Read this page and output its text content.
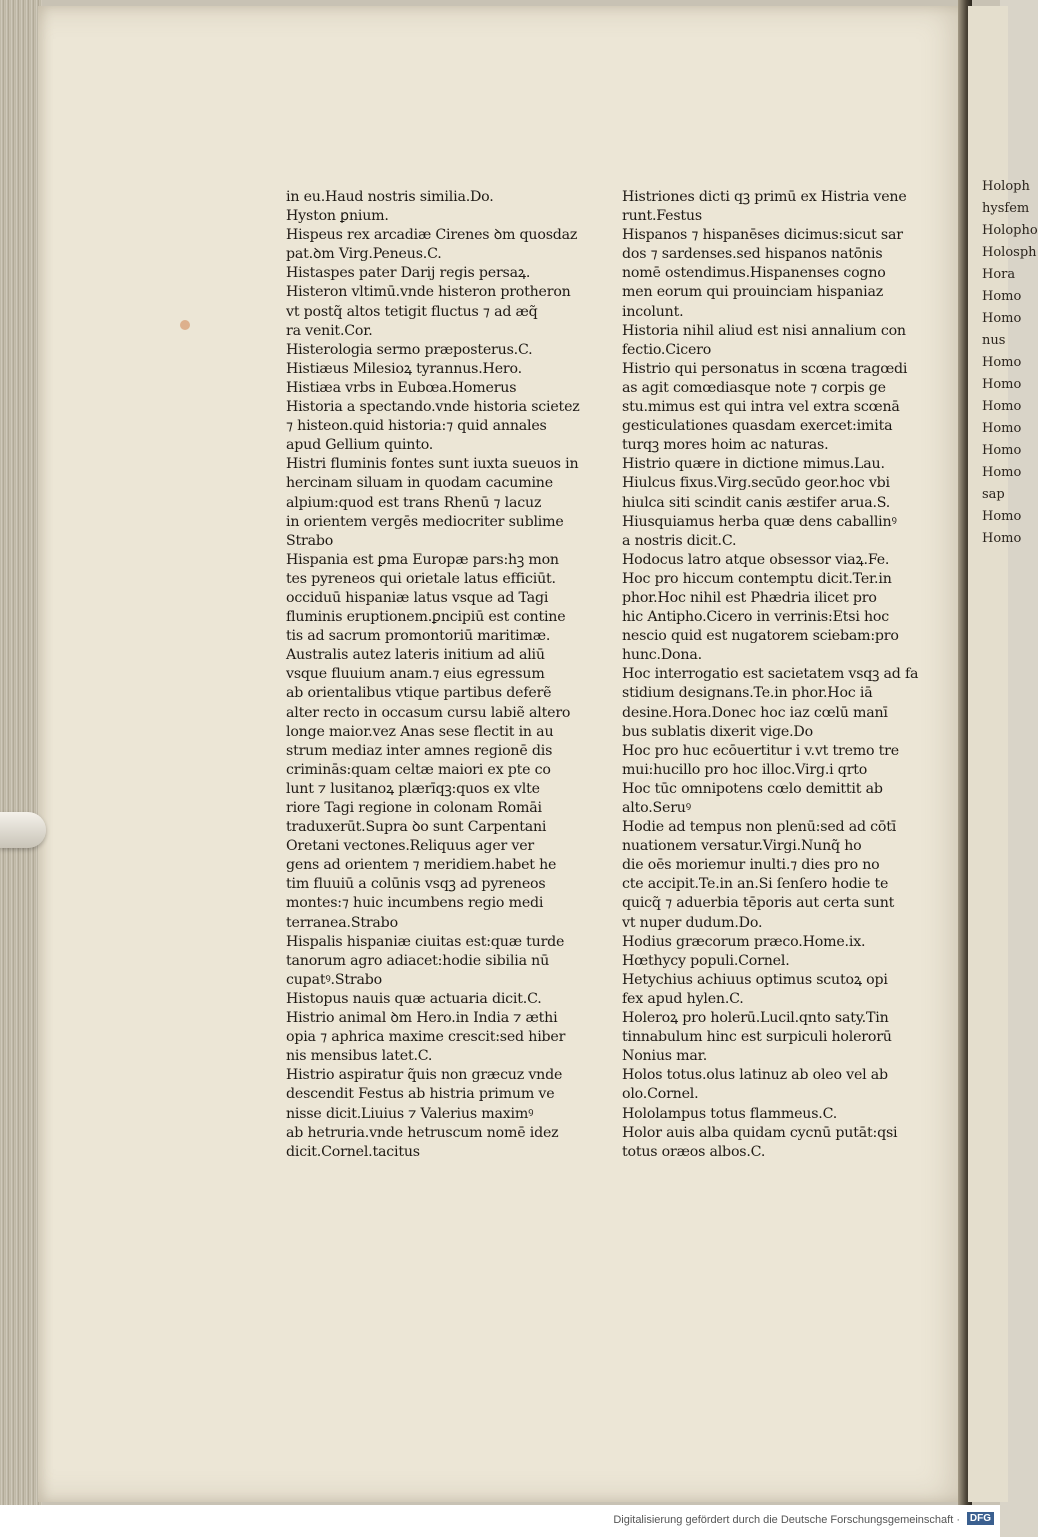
in eu.Haud nostris similia.Do.
Hyston ꝑnium.
Hispeus rex arcadiæ Cirenes ꝺm quosdaz
pat.ꝺm Virg.Peneus.C.
Histaspes pater Darij regis persaꝝ.
Histeron vltimū.vnde histeron protheron
vt postq̃ altos tetigit fluctus ⁊ ad æq̃
ra venit.Cor.
Histerologia sermo præposterus.C.
Histiæus Milesioꝝ tyrannus.Hero.
Histiæa vrbs in Eubœa.Homerus
Historia a spectando.vnde historia scietez
⁊ histeon.quid historia:⁊ quid annales
apud Gellium quinto.
Histri fluminis fontes sunt iuxta sueuos in
hercinam siluam in quodam cacumine
alpium:quod est trans Rhenū ⁊ lacuz
in orientem vergēs mediocriter sublime
Strabo
Hispania est ꝑma Europæ pars:hꝫ mon
tes pyreneos qui orietale latus efficiūt.
occiduū hispaniæ latus vsque ad Tagi
fluminis eruptionem.ꝑncipiū est contine
tis ad sacrum promontoriū maritimæ.
Australis autez lateris initium ad aliū
vsque fluuium anam.⁊ eius egressum
ab orientalibus vtique partibus deferẽ
alter recto in occasum cursu labiẽ altero
longe maior.vez Anas sese flectit in au
strum mediaz inter amnes regionē dis
criminās:quam celtæ maiori ex pte co
lunt ⁊ lusitanoꝝ plærīqꝫ:quos ex vlte
riore Tagi regione in colonam Romāi
traduxerūt.Supra ꝺo sunt Carpentani
Oretani vectones.Reliquus ager ver
gens ad orientem ⁊ meridiem.habet he
tim fluuiū a colūnis vsqꝫ ad pyreneos
montes:⁊ huic incumbens regio medi
terranea.Strabo
Hispalis hispaniæ ciuitas est:quæ turde
tanorum agro adiacet:hodie sibilia nū
cupatꝰ.Strabo
Histopus nauis quæ actuaria dicit.C.
Histrio animal ꝺm Hero.in India ⁊ æthi
opia ⁊ aphrica maxime crescit:sed hiber
nis mensibus latet.C.
Histrio aspiratur q̃uis non græcuz vnde
descendit Festus ab histria primum ve
nisse dicit.Liuius ⁊ Valerius maximꝰ
ab hetruria.vnde hetruscum nomē idez
dicit.Cornel.tacitus
Histriones dicti qꝫ primū ex Histria vene
runt.Festus
Hispanos ⁊ hispanēses dicimus:sicut sar
dos ⁊ sardenses.sed hispanos natōnis
nomē ostendimus.Hispanenses cogno
men eorum qui prouinciam hispaniaz
incolunt.
Historia nihil aliud est nisi annalium con
fectio.Cicero
Histrio qui personatus in scœna tragœdi
as agit comœdiasque note ⁊ corpis ge
stu.mimus est qui intra vel extra scœnā
gesticulationes quasdam exercet:imita
turqꝫ mores hoim ac naturas.
Histrio quære in dictione mimus.Lau.
Hiulcus fixus.Virg.secūdo geor.hoc vbi
hiulca siti scindit canis æstifer arua.S.
Hiusquiamus herba quæ dens caballinꝰ
a nostris dicit.C.
Hodocus latro atque obsessor viaꝝ.Fe.
Hoc pro hiccum contemptu dicit.Ter.in
phor.Hoc nihil est Phædria ilicet pro
hic Antipho.Cicero in verrinis:Etsi hoc
nescio quid est nugatorem sciebam:pro
hunc.Dona.
Hoc interrogatio est sacietatem vsqꝫ ad fa
stidium designans.Te.in phor.Hoc iā
desine.Hora.Donec hoc iaz cœlū manī
bus sublatis dixerit vige.Do
Hoc pro huc ecōuertitur i v.vt tremo tre
mui:hucillo pro hoc illoc.Virg.i qrto
Hoc tūc omnipotens cœlo demittit ab
alto.Seruꝰ
Hodie ad tempus non plenū:sed ad cōtī
nuationem versatur.Virgi.Nunq̃ ho
die oēs moriemur inulti.⁊ dies pro no
cte accipit.Te.in an.Si ſenſero hodie te
quicq̃ ⁊ aduerbia tēporis aut certa sunt
vt nuper dudum.Do.
Hodius græcorum præco.Home.ix.
Hœthycy populi.Cornel.
Hetychius achiuus optimus scutoꝝ opi
fex apud hylen.C.
Holeroꝝ pro holerū.Lucil.qnto saty.Tin
tinnabulum hinc est surpiculi holerorū
Nonius mar.
Holos totus.olus latinuz ab oleo vel ab
olo.Cornel.
Hololampus totus flammeus.C.
Holor auis alba quidam cycnū putāt:qsi
totus oræos albos.C.
Holoph
hysfem
Holopho
Holosph
Hora
Homo
Homo
nus
Homo
Homo
Homo
Homo
Homo
Homo
sap
Homo
Homo
Digitalisierung gefördert durch die Deutsche Forschungsgemeinschaft · DFG
